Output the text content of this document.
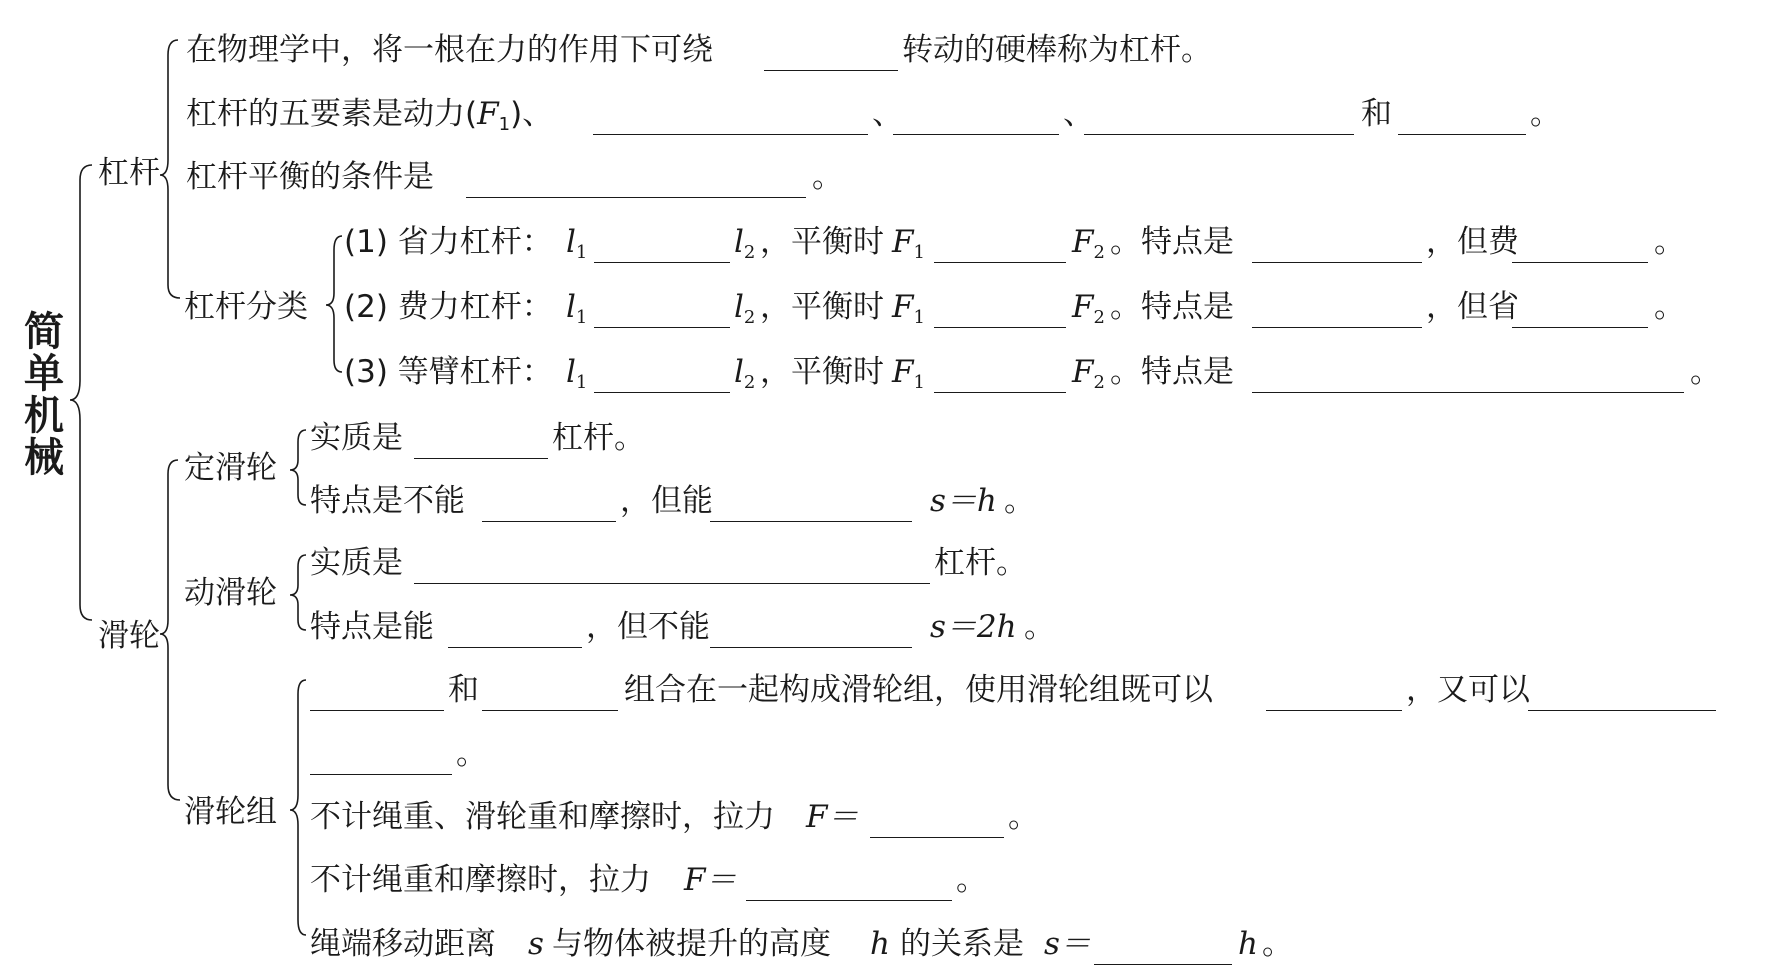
简
单
机
械
杠杆
滑轮
杠杆分类
定滑轮
动滑轮
滑轮组
在物理学中，将一根在力的作用下可绕	转动的硬棒称为杠杆。
杠杆的五要素是动力$(F_1)$、	、	、	和	。
杠杆平衡的条件是	。
(1) 省力杠杆： $l_1$	$l_2$ ，平衡时 $F_1$	$F_2$ 。特点是	，但费	。
(2) 费力杠杆： $l_1$	$l_2$ ，平衡时 $F_1$	$F_2$ 。特点是	，但省	。
(3) 等臂杠杆： $l_1$	$l_2$ ，平衡时 $F_1$	$F_2$ 。特点是	。
实质是	杠杆。
特点是不能	，但能	s＝h 。
实质是	杠杆。
特点是能	，但不能	s＝2h 。
和	组合在一起构成滑轮组，使用滑轮组既可以	，又可以
。
不计绳重、滑轮重和摩擦时，拉力 F＝	。
不计绳重和摩擦时，拉力 F＝	。
绳端移动距离 s 与物体被提升的高度 h 的关系是 s＝	h 。
